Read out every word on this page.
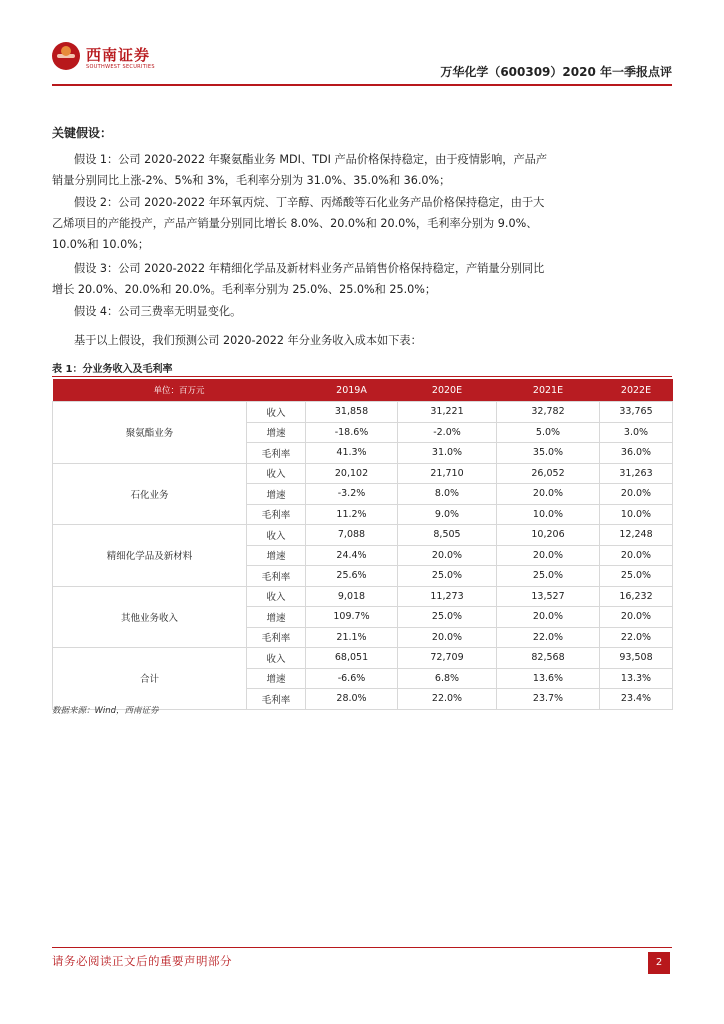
西南证券
SOUTHWEST SECURITIES	万华化学（600309）2020 年一季报点评
关键假设：
假设 1：公司 2020-2022 年聚氨酯业务 MDI、TDI 产品价格保持稳定，由于疫情影响，产品产销量分别同比上涨-2%、5%和 3%，毛利率分别为 31.0%、35.0%和 36.0%；
假设 2：公司 2020-2022 年环氧丙烷、丁辛醇、丙烯酸等石化业务产品价格保持稳定，由于大乙烯项目的产能投产，产品产销量分别同比增长 8.0%、20.0%和 20.0%，毛利率分别为 9.0%、10.0%和 10.0%；
假设 3：公司 2020-2022 年精细化学品及新材料业务产品销售价格保持稳定，产销量分别同比增长 20.0%、20.0%和 20.0%。毛利率分别为 25.0%、25.0%和 25.0%；
假设 4：公司三费率无明显变化。
基于以上假设，我们预测公司 2020-2022 年分业务收入成本如下表：
表 1：分业务收入及毛利率
单位：百万元		2019A	2020E	2021E	2022E
聚氨酯业务	收入	31,858	31,221	32,782	33,765
	增速	-18.6%	-2.0%	5.0%	3.0%
	毛利率	41.3%	31.0%	35.0%	36.0%
石化业务	收入	20,102	21,710	26,052	31,263
	增速	-3.2%	8.0%	20.0%	20.0%
	毛利率	11.2%	9.0%	10.0%	10.0%
精细化学品及新材料	收入	7,088	8,505	10,206	12,248
	增速	24.4%	20.0%	20.0%	20.0%
	毛利率	25.6%	25.0%	25.0%	25.0%
其他业务收入	收入	9,018	11,273	13,527	16,232
	增速	109.7%	25.0%	20.0%	20.0%
	毛利率	21.1%	20.0%	22.0%	22.0%
合计	收入	68,051	72,709	82,568	93,508
	增速	-6.6%	6.8%	13.6%	13.3%
	毛利率	28.0%	22.0%	23.7%	23.4%
数据来源：Wind，西南证券
请务必阅读正文后的重要声明部分	2
